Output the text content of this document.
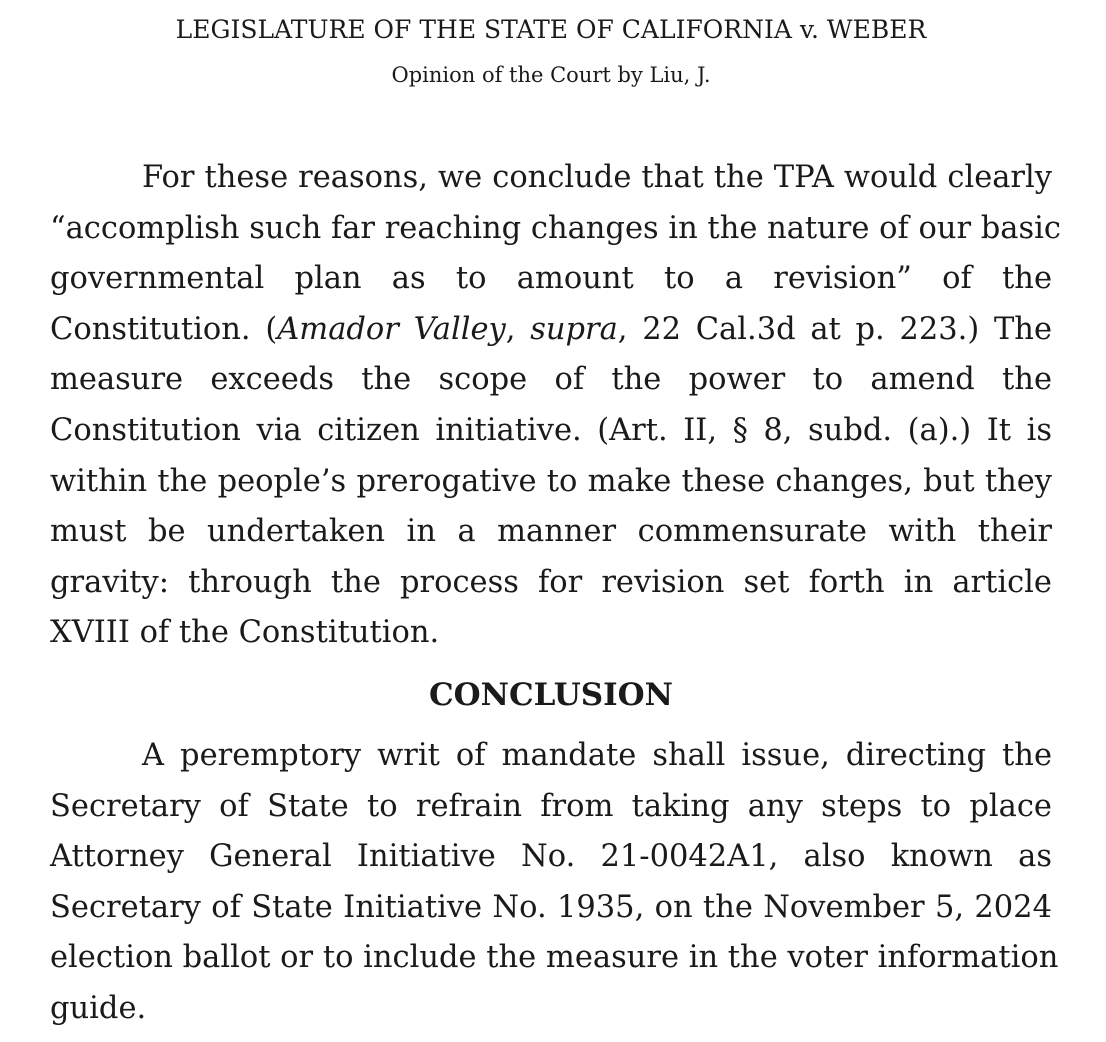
LEGISLATURE OF THE STATE OF CALIFORNIA v. WEBER
Opinion of the Court by Liu, J.
For these reasons, we conclude that the TPA would clearly
“accomplish such far reaching changes in the nature of our basic
governmental plan as to amount to a revision” of the
Constitution. (Amador Valley, supra, 22 Cal.3d at p. 223.) The
measure exceeds the scope of the power to amend the
Constitution via citizen initiative. (Art. II, § 8, subd. (a).) It is
within the people’s prerogative to make these changes, but they
must be undertaken in a manner commensurate with their
gravity: through the process for revision set forth in article
XVIII of the Constitution.
CONCLUSION
A peremptory writ of mandate shall issue, directing the
Secretary of State to refrain from taking any steps to place
Attorney General Initiative No. 21-0042A1, also known as
Secretary of State Initiative No. 1935, on the November 5, 2024
election ballot or to include the measure in the voter information
guide.
